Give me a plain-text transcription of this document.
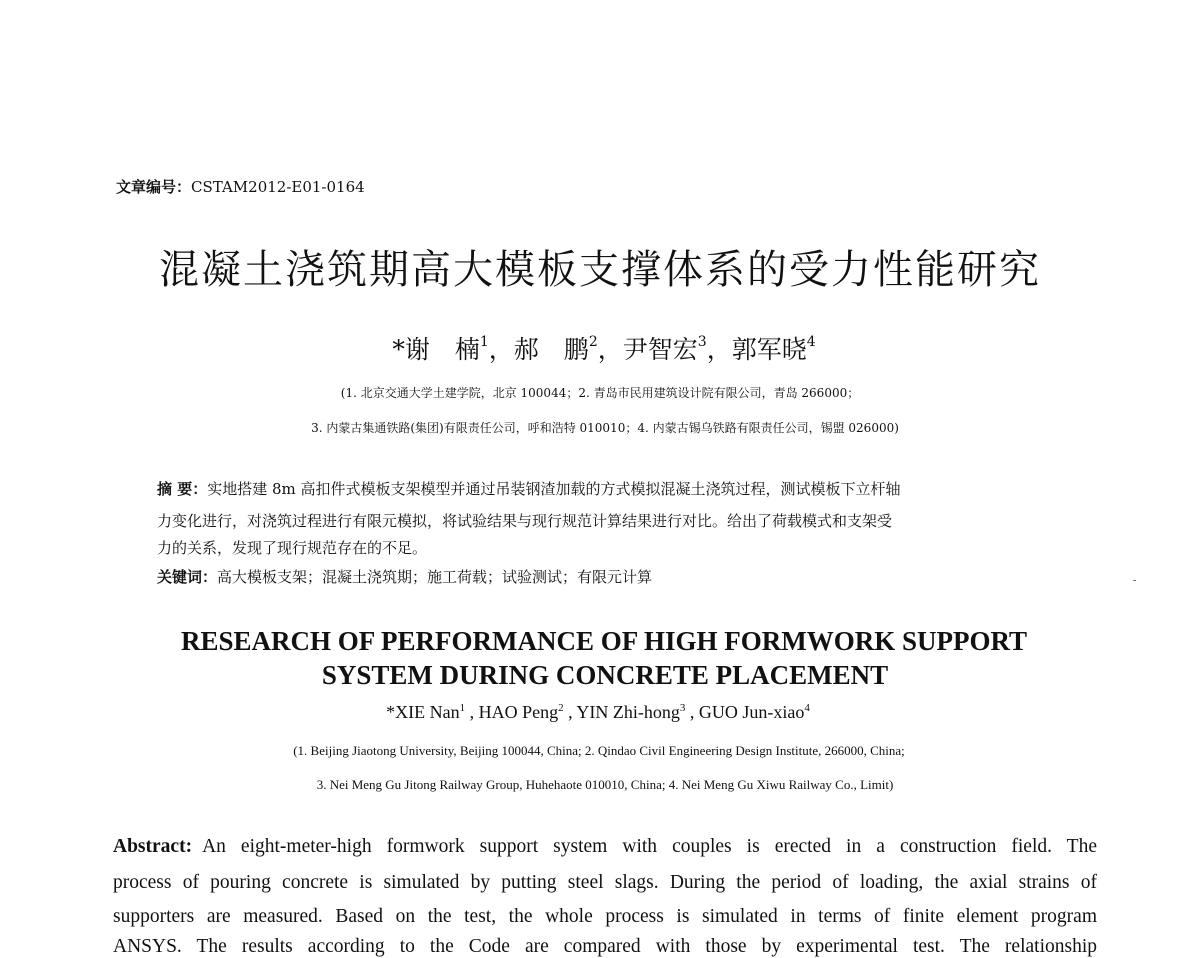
文章编号：CSTAM2012-E01-0164
混凝土浇筑期高大模板支撑体系的受力性能研究
*谢　楠$^1$，郝　鹏$^2$，尹智宏$^3$，郭军晓$^4$
(1. 北京交通大学土建学院，北京 100044；2. 青岛市民用建筑设计院有限公司，青岛 266000；
3. 内蒙古集通铁路(集团)有限责任公司，呼和浩特 010010；4. 内蒙古锡乌铁路有限责任公司，锡盟 026000)
摘 要：实地搭建 8m 高扣件式模板支架模型并通过吊装钢渣加载的方式模拟混凝土浇筑过程，测试模板下立杆轴
力变化进行，对浇筑过程进行有限元模拟，将试验结果与现行规范计算结果进行对比。给出了荷载模式和支架受
力的关系，发现了现行规范存在的不足。
关键词：高大模板支架；混凝土浇筑期；施工荷载；试验测试；有限元计算
RESEARCH OF PERFORMANCE OF HIGH FORMWORK SUPPORT
SYSTEM DURING CONCRETE PLACEMENT
*XIE Nan$^1$ , HAO Peng$^2$ , YIN Zhi-hong$^3$ , GUO Jun-xiao$^4$
(1. Beijing Jiaotong University, Beijing 100044, China; 2. Qindao Civil Engineering Design Institute, 266000, China;
3. Nei Meng Gu Jitong Railway Group, Huhehaote 010010, China; 4. Nei Meng Gu Xiwu Railway Co., Limit)
Abstract: An eight-meter-high formwork support system with couples is erected in a construction field. The
process of pouring concrete is simulated by putting steel slags. During the period of loading, the axial strains of
supporters are measured. Based on the test, the whole process is simulated in terms of finite element program
ANSYS. The results according to the Code are compared with those by experimental test. The relationship
